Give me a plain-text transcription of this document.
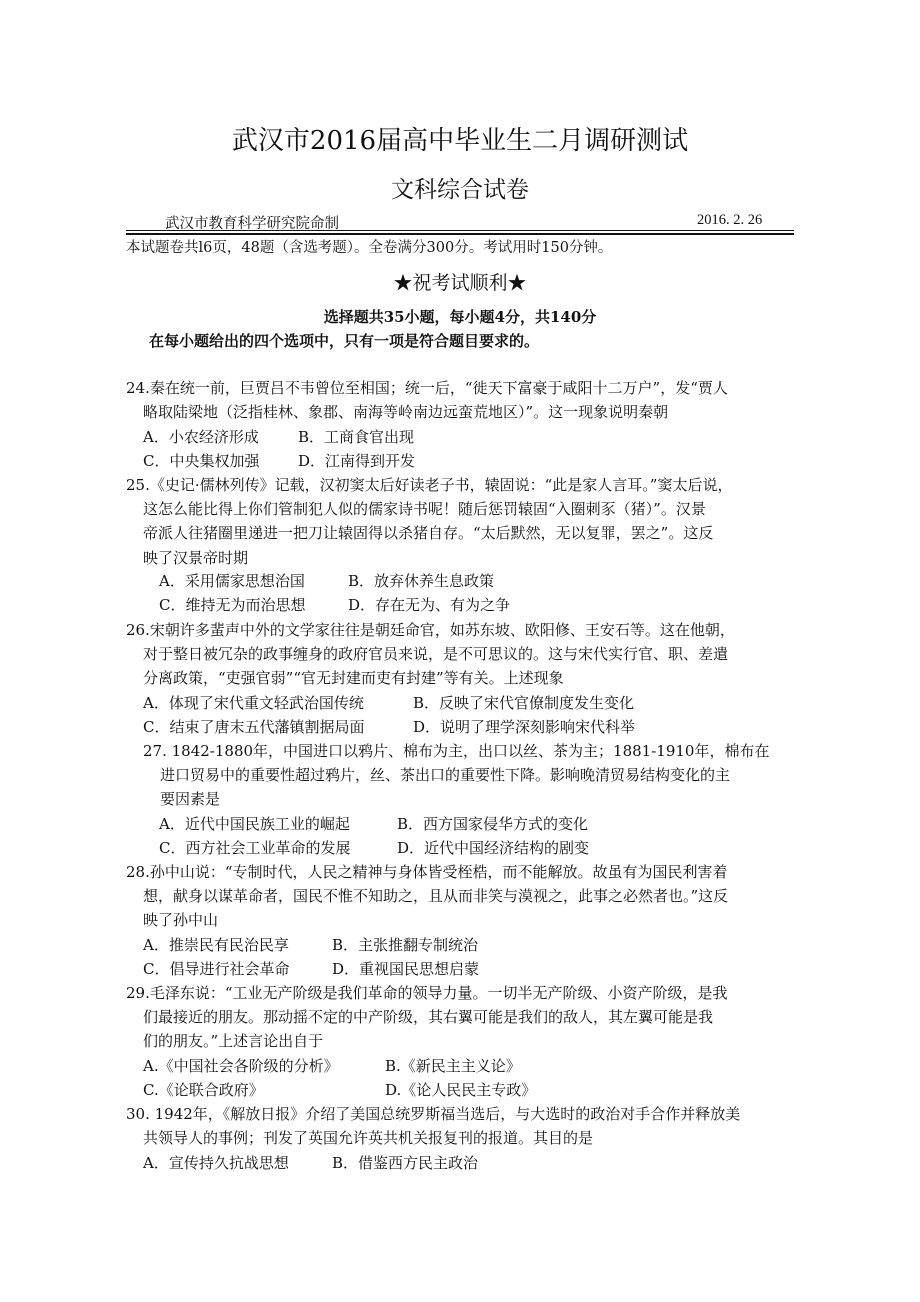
武汉市2016届高中毕业生二月调研测试
文科综合试卷
武汉市教育科学研究院命制	2016. 2. 26
本试题卷共l6页，48题（含选考题）。全卷满分300分。考试用时150分钟。
★祝考试顺利★
选择题共35小题，每小题4分，共140分
在每小题给出的四个选项中，只有一项是符合题目要求的。
24.秦在统一前，巨贾吕不韦曾位至相国；统一后，“徙天下富豪于咸阳十二万户”，发“贾人
略取陆梁地（泛指桂林、象郡、南海等岭南边远蛮荒地区）”。这一现象说明秦朝
A．小农经济形成	B．工商食官出现
C．中央集权加强	D．江南得到开发
25.《史记·儒林列传》记载，汉初窦太后好读老子书，辕固说：“此是家人言耳。”窦太后说，
这怎么能比得上你们管制犯人似的儒家诗书呢！随后惩罚辕固“入圈刺豕（猪）”。汉景
帝派人往猪圈里递进一把刀让辕固得以杀猪自存。“太后默然，无以复罪，罢之”。这反
映了汉景帝时期
A．采用儒家思想治国	B．放弃休养生息政策
C．维持无为而治思想	D．存在无为、有为之争
26.宋朝许多蜚声中外的文学家往往是朝廷命官，如苏东坡、欧阳修、王安石等。这在他朝，
对于整日被冗杂的政事缠身的政府官员来说，是不可思议的。这与宋代实行官、职、差遣
分离政策，“吏强官弱”“官无封建而吏有封建”等有关。上述现象
A．体现了宋代重文轻武治国传统	B．反映了宋代官僚制度发生变化
C．结束了唐末五代藩镇割据局面	D．说明了理学深刻影响宋代科举
27. 1842-1880年，中国进口以鸦片、棉布为主，出口以丝、茶为主；1881-1910年，棉布在
进口贸易中的重要性超过鸦片，丝、茶出口的重要性下降。影响晚清贸易结构变化的主
要因素是
A．近代中国民族工业的崛起	B．西方国家侵华方式的变化
C．西方社会工业革命的发展	D．近代中国经济结构的剧变
28.孙中山说：“专制时代，人民之精神与身体皆受桎梏，而不能解放。故虽有为国民利害着
想，献身以谋革命者，国民不惟不知助之，且从而非笑与漠视之，此事之必然者也。”这反
映了孙中山
A．推崇民有民治民享	B．主张推翻专制统治
C．倡导进行社会革命	D．重视国民思想启蒙
29.毛泽东说：“工业无产阶级是我们革命的领导力量。一切半无产阶级、小资产阶级，是我
们最接近的朋友。那动摇不定的中产阶级，其右翼可能是我们的敌人，其左翼可能是我
们的朋友。”上述言论出自于
A.《中国社会各阶级的分析》	B.《新民主主义论》
C.《论联合政府》	D.《论人民民主专政》
30. 1942年，《解放日报》介绍了美国总统罗斯福当选后，与大选时的政治对手合作并释放美
共领导人的事例；刊发了英国允许英共机关报复刊的报道。其目的是
A．宣传持久抗战思想	B．借鉴西方民主政治
